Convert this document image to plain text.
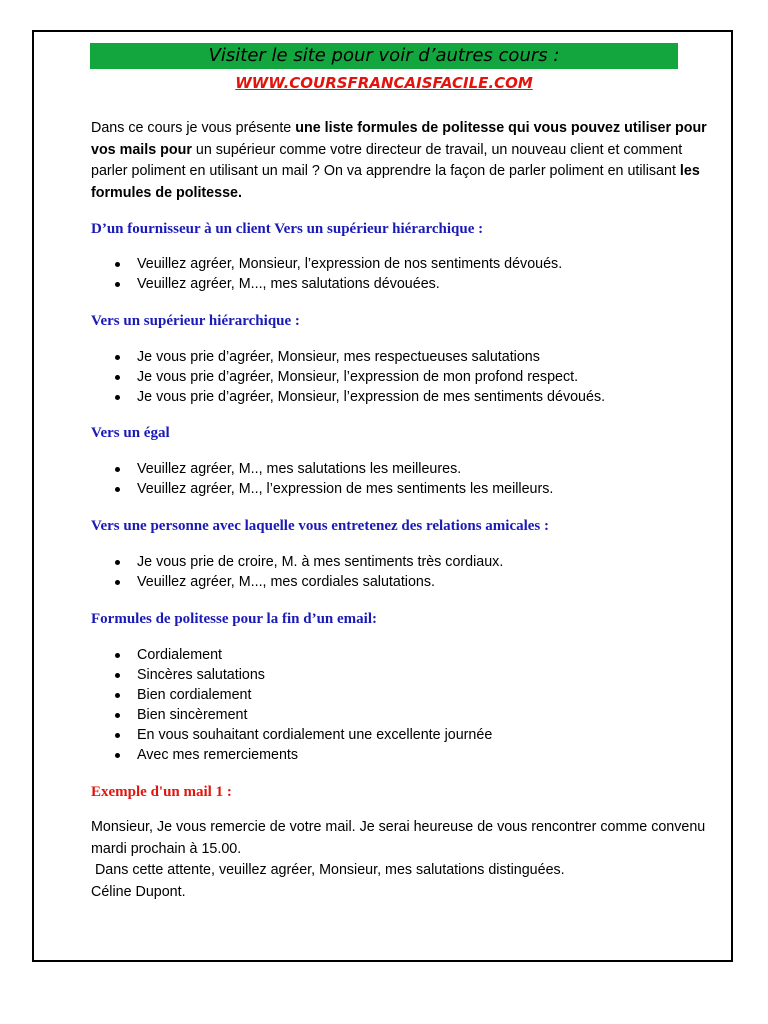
Visiter le site pour voir d’autres cours :
WWW.COURSFRANCAISFACILE.COM

Dans ce cours je vous présente une liste formules de politesse qui vous pouvez utiliser pour vos mails pour un supérieur comme votre directeur de travail, un nouveau client et comment parler poliment en utilisant un mail ? On va apprendre la façon de parler poliment en utilisant les formules de politesse.

D’un fournisseur à un client Vers un supérieur hiérarchique :
Veuillez agréer, Monsieur, l’expression de nos sentiments dévoués.
Veuillez agréer, M..., mes salutations dévouées.
Vers un supérieur hiérarchique :
Je vous prie d’agréer, Monsieur, mes respectueuses salutations
Je vous prie d’agréer, Monsieur, l’expression de mon profond respect.
Je vous prie d’agréer, Monsieur, l’expression de mes sentiments dévoués.
Vers un égal
Veuillez agréer, M.., mes salutations les meilleures.
Veuillez agréer, M.., l’expression de mes sentiments les meilleurs.
Vers une personne avec laquelle vous entretenez des relations amicales :
Je vous prie de croire, M. à mes sentiments très cordiaux.
Veuillez agréer, M..., mes cordiales salutations.
Formules de politesse pour la fin d’un email:
Cordialement
Sincères salutations
Bien cordialement
Bien sincèrement
En vous souhaitant cordialement une excellente journée
Avec mes remerciements
Exemple d'un mail 1 :

Monsieur, Je vous remercie de votre mail. Je serai heureuse de vous rencontrer comme convenu mardi prochain à 15.00.

Dans cette attente, veuillez agréer, Monsieur, mes salutations distinguées.

Céline Dupont.
